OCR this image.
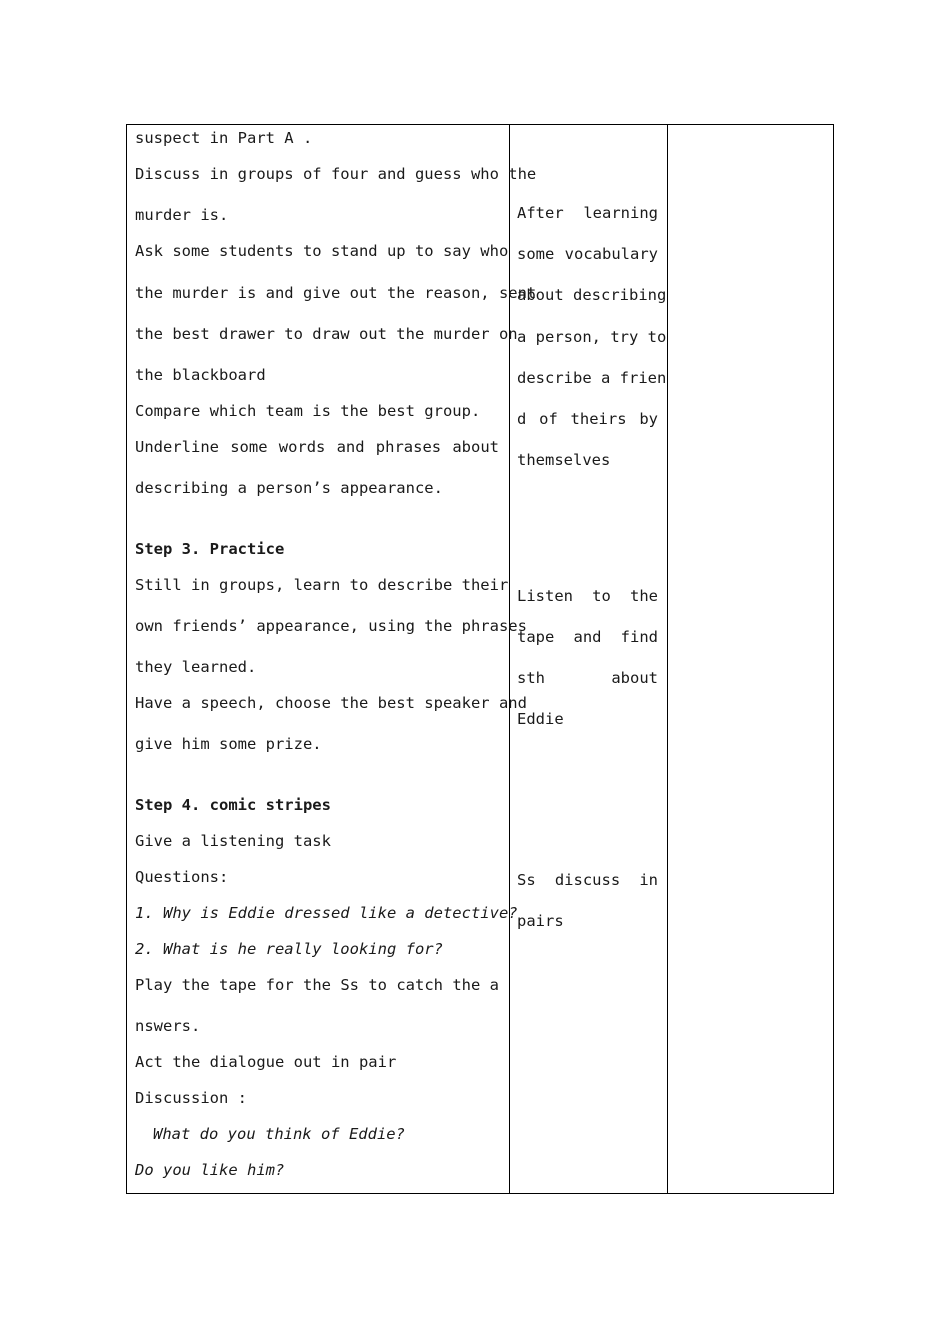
suspect in Part A .
Discuss in groups of four and guess who the
murder is.
Ask some students to stand up to say who
the murder is and give out the reason, sent
the best drawer to draw out the murder on
the blackboard
Compare which team is the best group.
Underline some words and phrases about
describing a person’s appearance.
Step 3. Practice
Still in groups, learn to describe their
own friends’ appearance, using the phrases
they learned.
Have a speech, choose the best speaker and
give him some prize.
Step 4. comic stripes
Give a listening task
Questions:
1. Why is Eddie dressed like a detective?
2. What is he really looking for?
Play the tape for the Ss to catch the a
nswers.
Act the dialogue out in pair
Discussion :
What do you think of Eddie?
Do you like him?
After learning
some vocabulary
about describing
a person, try to
describe a frien
d of theirs by
themselves
Listen to the
tape and find
sth about
Eddie
Ss discuss in
pairs
